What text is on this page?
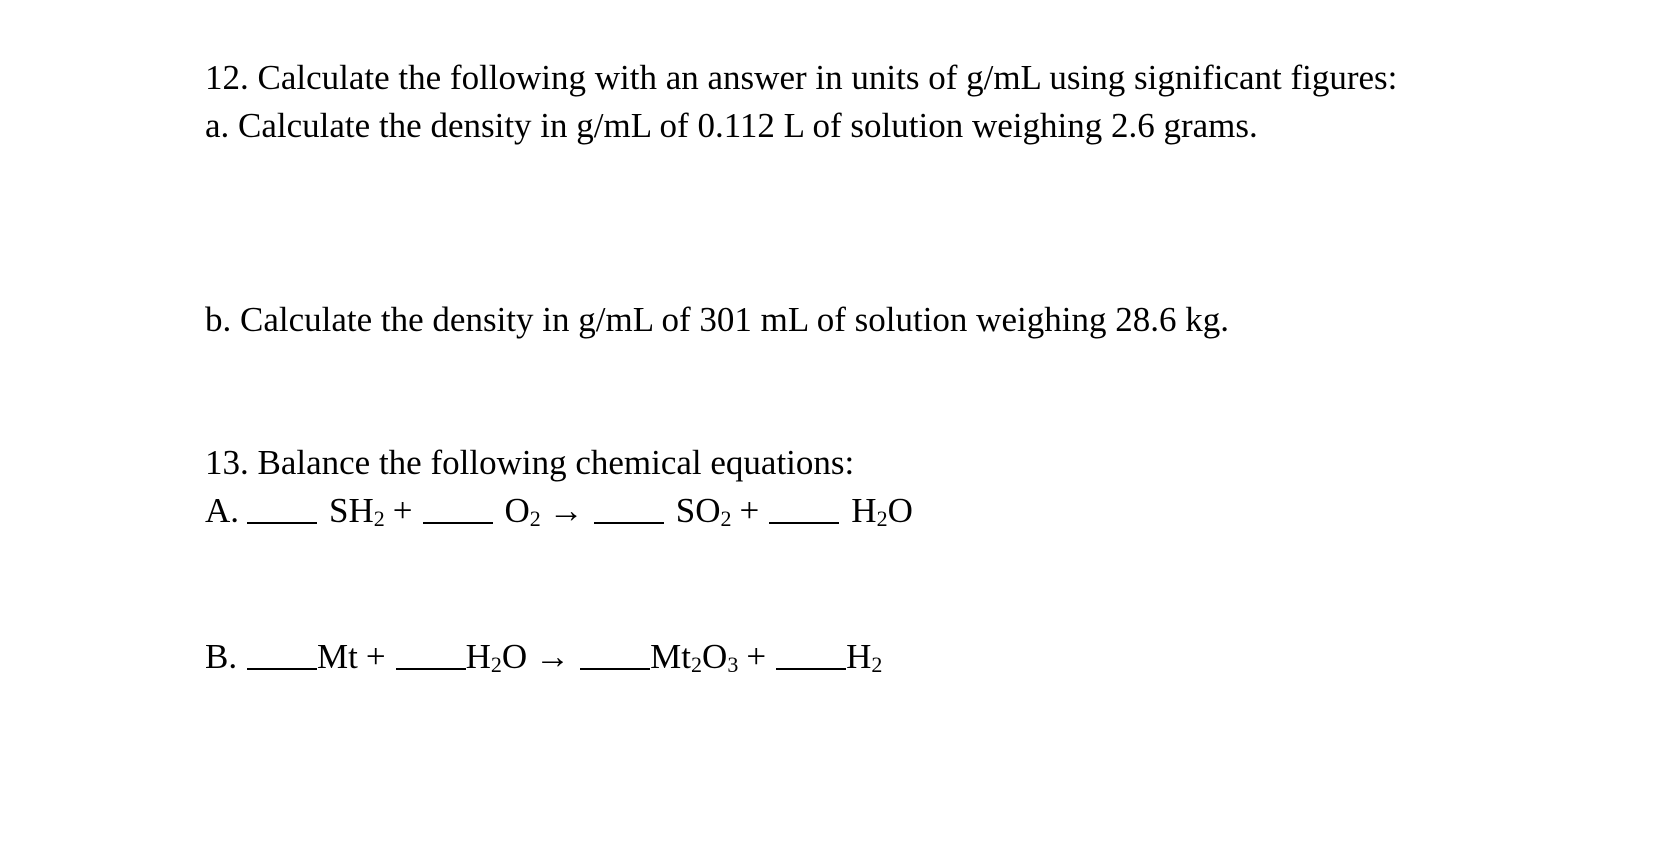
12. Calculate the following with an answer in units of g/mL using significant figures:
a. Calculate the density in g/mL of 0.112 L of solution weighing 2.6 grams.
b. Calculate the density in g/mL of 301 mL of solution weighing 28.6 kg.
13. Balance the following chemical equations:
A.	$SH_2$ +	$O_2$ →	$SO_2$ +	$H_2O$
B. $Mt + H_2O \to Mt_2O_3 + H_2$
